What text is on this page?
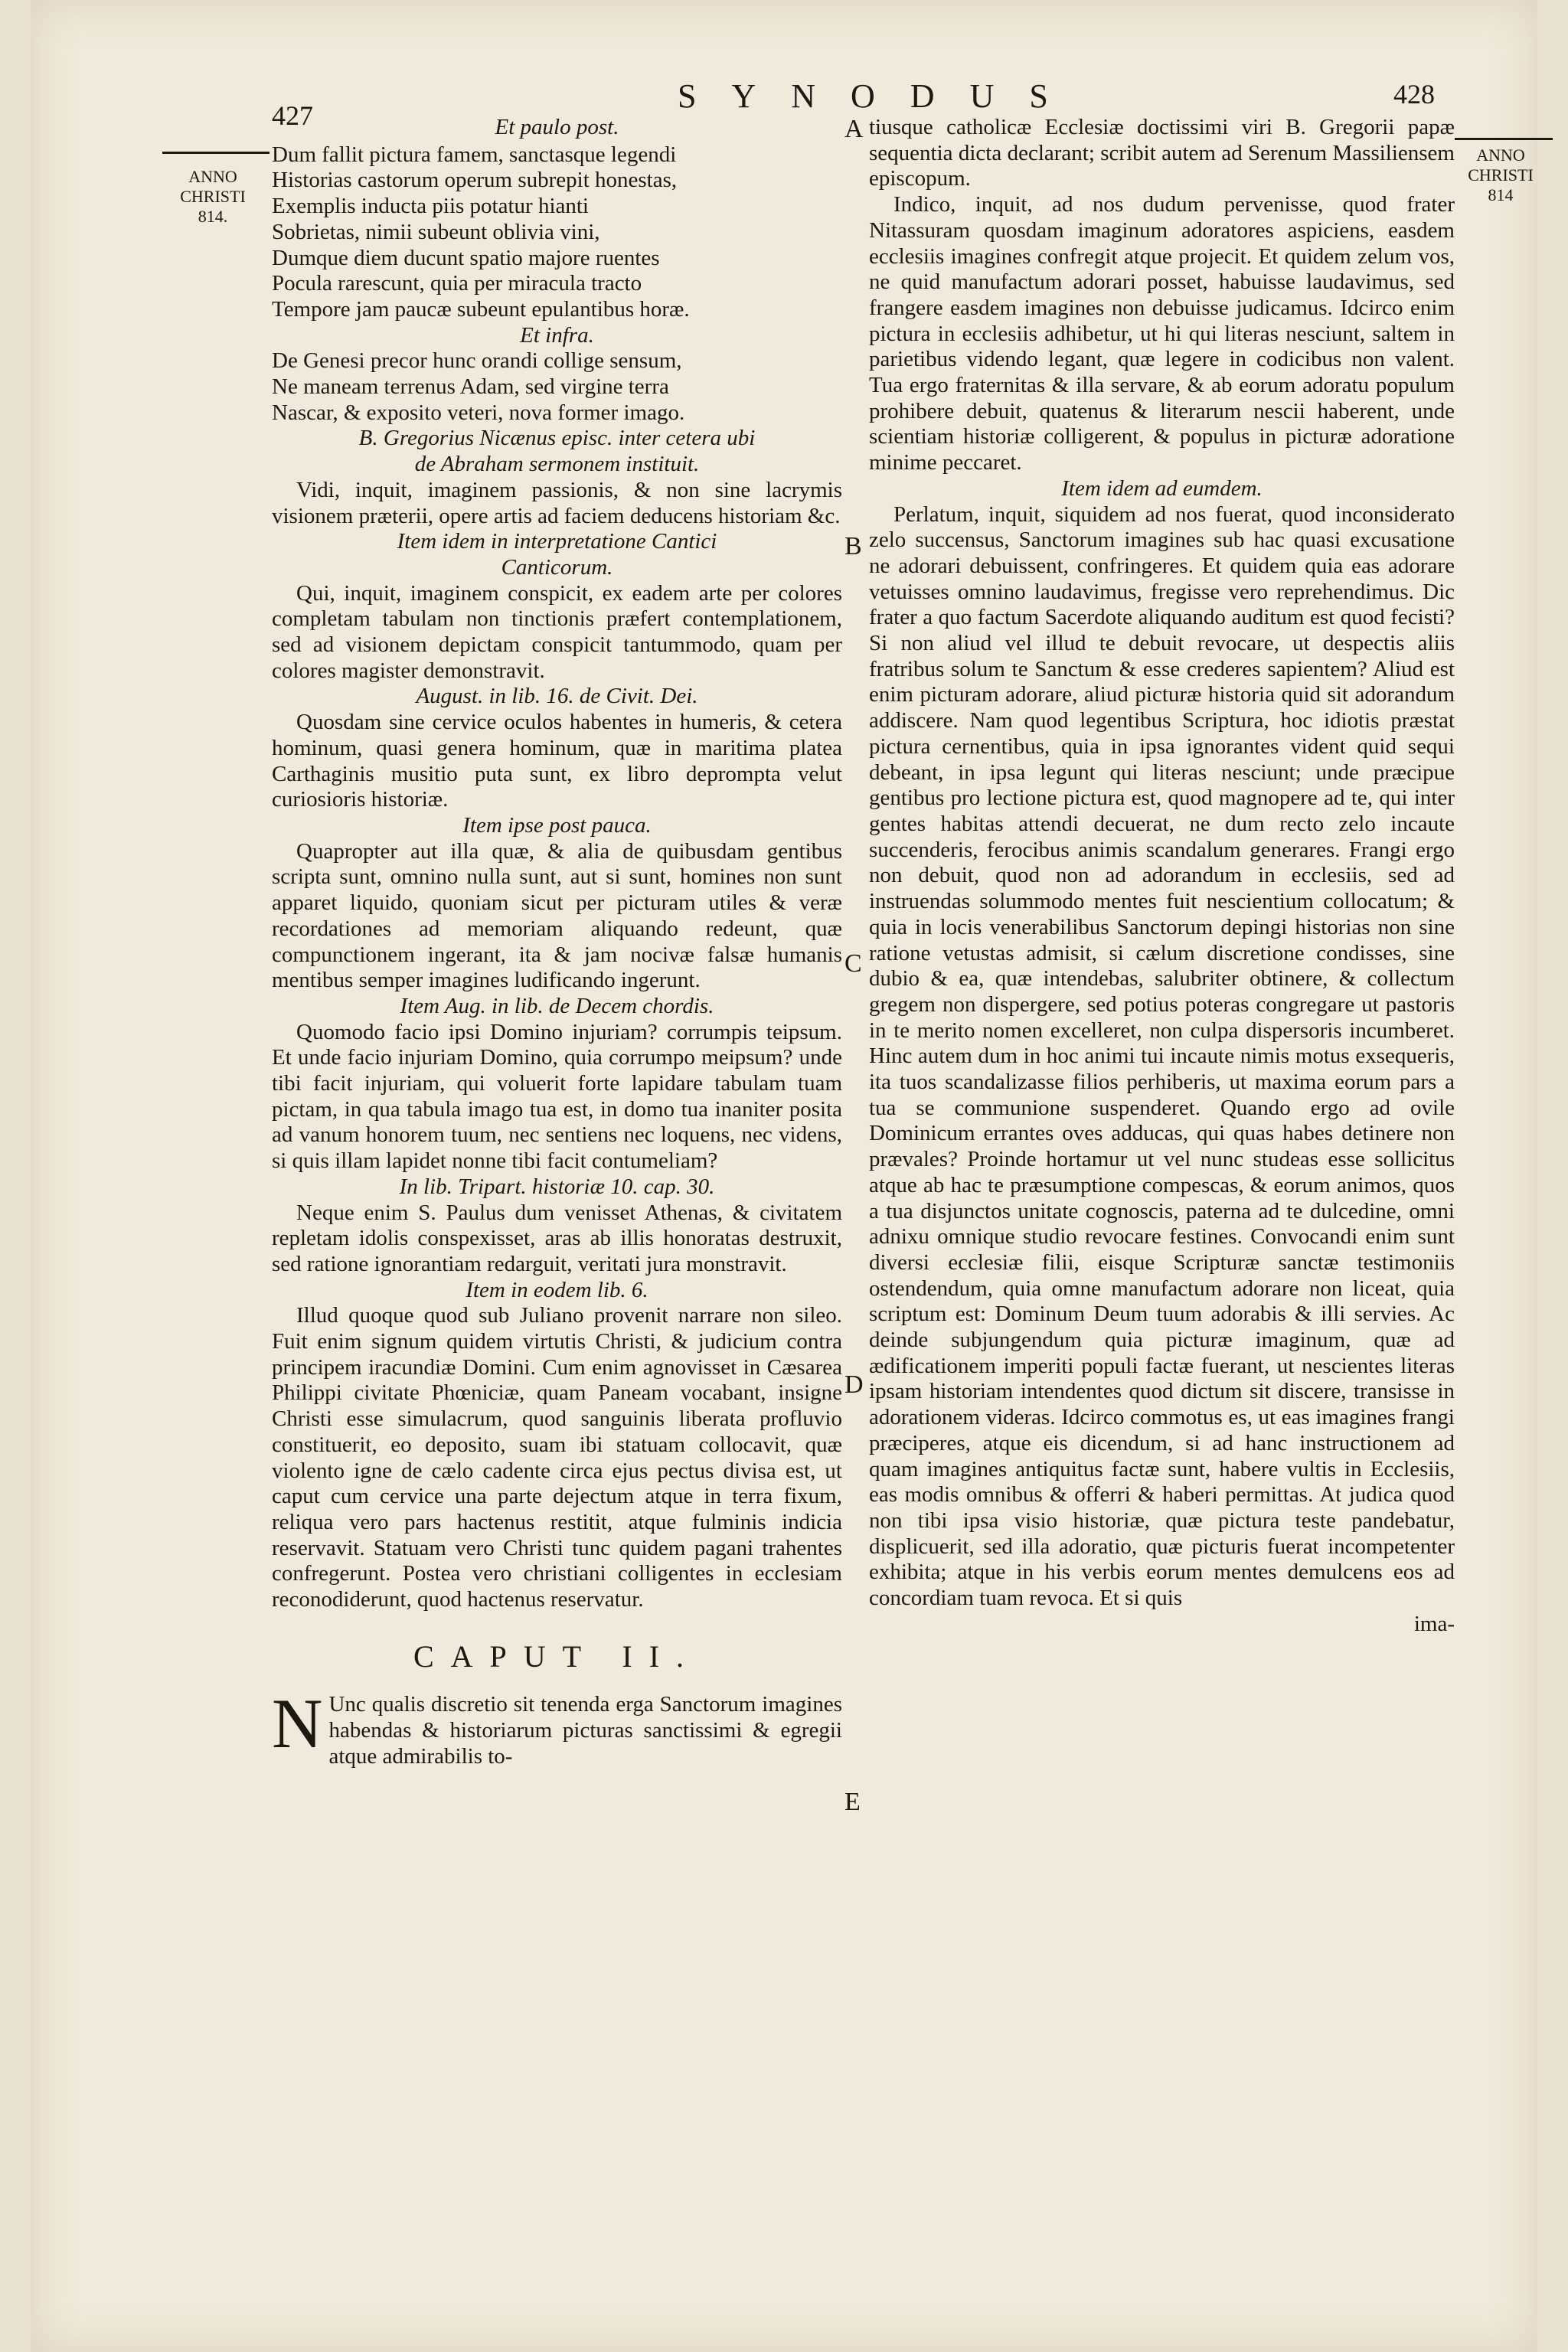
427
SYNODUS	428
ANNO
CHRISTI
814.
ANNO
CHRISTI
814
A
B
C
D
E
Et paulo post.
Dum fallit pictura famem, sanctasque legendi
Historias castorum operum subrepit honestas,
Exemplis inducta piis potatur hianti
Sobrietas, nimii subeunt oblivia vini,
Dumque diem ducunt spatio majore ruentes
Pocula rarescunt, quia per miracula tracto
Tempore jam paucæ subeunt epulantibus horæ.
Et infra.
De Genesi precor hunc orandi collige sensum,
Ne maneam terrenus Adam, sed virgine terra
Nascar, & exposito veteri, nova former imago.
B. Gregorius Nicænus episc. inter cetera ubi
de Abraham sermonem instituit.

Vidi, inquit, imaginem passionis, & non sine lacrymis visionem præterii, opere artis ad faciem deducens historiam &c.

Item idem in interpretatione Cantici
Canticorum.

Qui, inquit, imaginem conspicit, ex eadem arte per colores completam tabulam non tinctionis præfert contemplationem, sed ad visionem depictam conspicit tantummodo, quam per colores magister demonstravit.

August. in lib. 16. de Civit. Dei.

Quosdam sine cervice oculos habentes in humeris, & cetera hominum, quasi genera hominum, quæ in maritima platea Carthaginis musitio puta sunt, ex libro deprompta velut curiosioris historiæ.

Item ipse post pauca.

Quapropter aut illa quæ, & alia de quibusdam gentibus scripta sunt, omnino nulla sunt, aut si sunt, homines non sunt apparet liquido, quoniam sicut per picturam utiles & veræ recordationes ad memoriam aliquando redeunt, quæ compunctionem ingerant, ita & jam nocivæ falsæ humanis mentibus semper imagines ludificando ingerunt.

Item Aug. in lib. de Decem chordis.

Quomodo facio ipsi Domino injuriam? corrumpis teipsum. Et unde facio injuriam Domino, quia corrumpo meipsum? unde tibi facit injuriam, qui voluerit forte lapidare tabulam tuam pictam, in qua tabula imago tua est, in domo tua inaniter posita ad vanum honorem tuum, nec sentiens nec loquens, nec videns, si quis illam lapidet nonne tibi facit contumeliam?

In lib. Tripart. historiæ 10. cap. 30.

Neque enim S. Paulus dum venisset Athenas, & civitatem repletam idolis conspexisset, aras ab illis honoratas destruxit, sed ratione ignorantiam redarguit, veritati jura monstravit.

Item in eodem lib. 6.

Illud quoque quod sub Juliano provenit narrare non sileo. Fuit enim signum quidem virtutis Christi, & judicium contra principem iracundiæ Domini. Cum enim agnovisset in Cæsarea Philippi civitate Phœniciæ, quam Paneam vocabant, insigne Christi esse simulacrum, quod sanguinis liberata profluvio constituerit, eo deposito, suam ibi statuam collocavit, quæ violento igne de cælo cadente circa ejus pectus divisa est, ut caput cum cervice una parte dejectum atque in terra fixum, reliqua vero pars hactenus restitit, atque fulminis indicia reservavit. Statuam vero Christi tunc quidem pagani trahentes confregerunt. Postea vero christiani colligentes in ecclesiam reconodiderunt, quod hactenus reservatur.

CAPUT II.

N Unc qualis discretio sit tenenda erga Sanctorum imagines habendas & historiarum picturas sanctissimi & egregii atque admirabilis to-

tiusque catholicæ Ecclesiæ doctissimi viri B. Gregorii papæ sequentia dicta declarant; scribit autem ad Serenum Massiliensem episcopum.

Indico, inquit, ad nos dudum pervenisse, quod frater Nitassuram quosdam imaginum adoratores aspiciens, easdem ecclesiis imagines confregit atque projecit. Et quidem zelum vos, ne quid manufactum adorari posset, habuisse laudavimus, sed frangere easdem imagines non debuisse judicamus. Idcirco enim pictura in ecclesiis adhibetur, ut hi qui literas nesciunt, saltem in parietibus videndo legant, quæ legere in codicibus non valent. Tua ergo fraternitas & illa servare, & ab eorum adoratu populum prohibere debuit, quatenus & literarum nescii haberent, unde scientiam historiæ colligerent, & populus in picturæ adoratione minime peccaret.

Item idem ad eumdem.

Perlatum, inquit, siquidem ad nos fuerat, quod inconsiderato zelo succensus, Sanctorum imagines sub hac quasi excusatione ne adorari debuissent, confringeres. Et quidem quia eas adorare vetuisses omnino laudavimus, fregisse vero reprehendimus. Dic frater a quo factum Sacerdote aliquando auditum est quod fecisti? Si non aliud vel illud te debuit revocare, ut despectis aliis fratribus solum te Sanctum & esse crederes sapientem? Aliud est enim picturam adorare, aliud picturæ historia quid sit adorandum addiscere. Nam quod legentibus Scriptura, hoc idiotis præstat pictura cernentibus, quia in ipsa ignorantes vident quid sequi debeant, in ipsa legunt qui literas nesciunt; unde præcipue gentibus pro lectione pictura est, quod magnopere ad te, qui inter gentes habitas attendi decuerat, ne dum recto zelo incaute succenderis, ferocibus animis scandalum generares. Frangi ergo non debuit, quod non ad adorandum in ecclesiis, sed ad instruendas solummodo mentes fuit nescientium collocatum; & quia in locis venerabilibus Sanctorum depingi historias non sine ratione vetustas admisit, si cælum discretione condisses, sine dubio & ea, quæ intendebas, salubriter obtinere, & collectum gregem non dispergere, sed potius poteras congregare ut pastoris in te merito nomen excelleret, non culpa dispersoris incumberet. Hinc autem dum in hoc animi tui incaute nimis motus exsequeris, ita tuos scandalizasse filios perhiberis, ut maxima eorum pars a tua se communione suspenderet. Quando ergo ad ovile Dominicum errantes oves adducas, qui quas habes detinere non prævales? Proinde hortamur ut vel nunc studeas esse sollicitus atque ab hac te præsumptione compescas, & eorum animos, quos a tua disjunctos unitate cognoscis, paterna ad te dulcedine, omni adnixu omnique studio revocare festines. Convocandi enim sunt diversi ecclesiæ filii, eisque Scripturæ sanctæ testimoniis ostendendum, quia omne manufactum adorare non liceat, quia scriptum est: Dominum Deum tuum adorabis & illi servies. Ac deinde subjungendum quia picturæ imaginum, quæ ad ædificationem imperiti populi factæ fuerant, ut nescientes literas ipsam historiam intendentes quod dictum sit discere, transisse in adorationem videras. Idcirco commotus es, ut eas imagines frangi præciperes, atque eis dicendum, si ad hanc instructionem ad quam imagines antiquitus factæ sunt, habere vultis in Ecclesiis, eas modis omnibus & offerri & haberi permittas. At judica quod non tibi ipsa visio historiæ, quæ pictura teste pandebatur, displicuerit, sed illa adoratio, quæ picturis fuerat incompetenter exhibita; atque in his verbis eorum mentes demulcens eos ad concordiam tuam revoca. Et si quis

ima-
